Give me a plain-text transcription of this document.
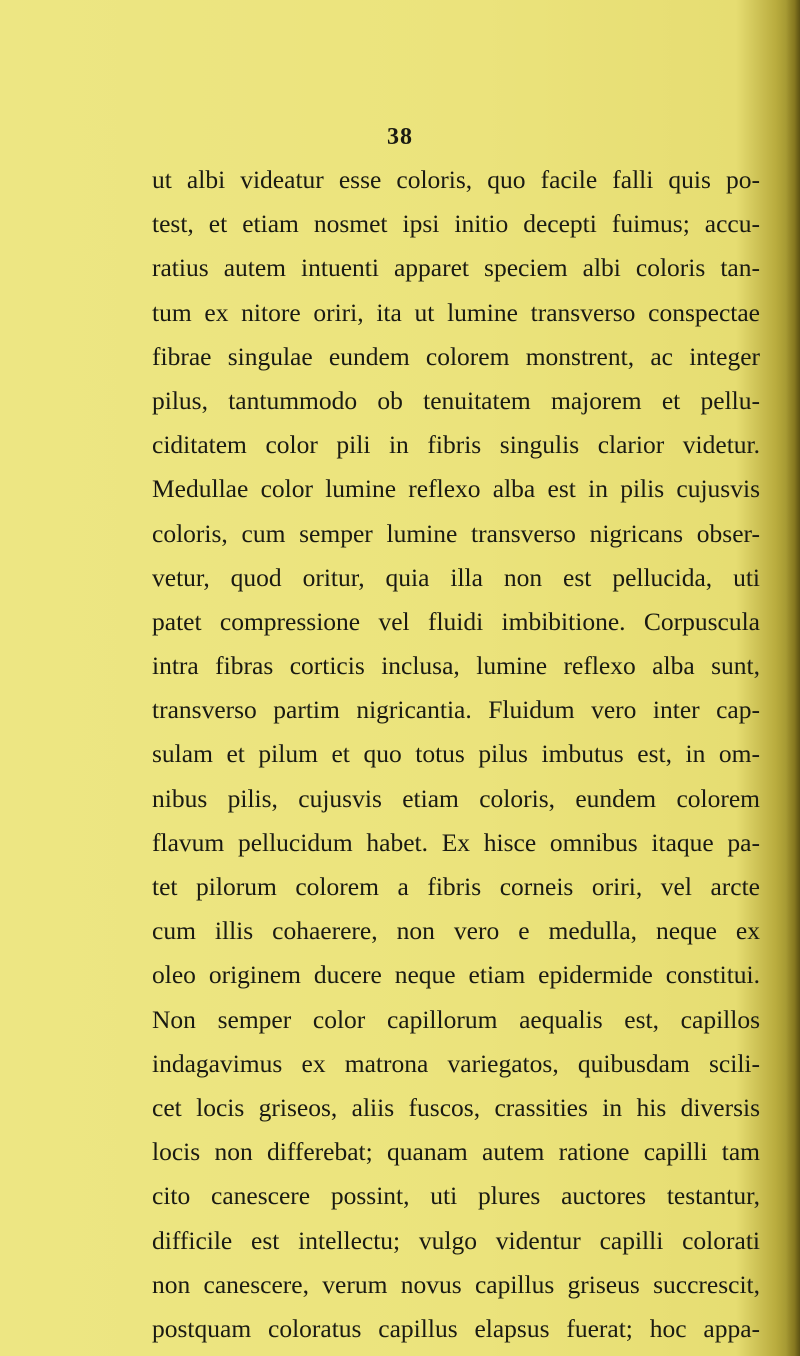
38
ut albi videatur esse coloris, quo facile falli quis po-
test, et etiam nosmet ipsi initio decepti fuimus; accu-
ratius autem intuenti apparet speciem albi coloris tan-
tum ex nitore oriri, ita ut lumine transverso conspectae
fibrae singulae eundem colorem monstrent, ac integer
pilus, tantummodo ob tenuitatem majorem et pellu-
ciditatem color pili in fibris singulis clarior videtur.
Medullae color lumine reflexo alba est in pilis cujusvis
coloris, cum semper lumine transverso nigricans obser-
vetur, quod oritur, quia illa non est pellucida, uti
patet compressione vel fluidi imbibitione. Corpuscula
intra fibras corticis inclusa, lumine reflexo alba sunt,
transverso partim nigricantia. Fluidum vero inter cap-
sulam et pilum et quo totus pilus imbutus est, in om-
nibus pilis, cujusvis etiam coloris, eundem colorem
flavum pellucidum habet. Ex hisce omnibus itaque pa-
tet pilorum colorem a fibris corneis oriri, vel arcte
cum illis cohaerere, non vero e medulla, neque ex
oleo originem ducere neque etiam epidermide constitui.
Non semper color capillorum aequalis est, capillos
indagavimus ex matrona variegatos, quibusdam scili-
cet locis griseos, aliis fuscos, crassities in his diversis
locis non differebat; quanam autem ratione capilli tam
cito canescere possint, uti plures auctores testantur,
difficile est intellectu; vulgo videntur capilli colorati
non canescere, verum novus capillus griseus succrescit,
postquam coloratus capillus elapsus fuerat; hoc appa-
